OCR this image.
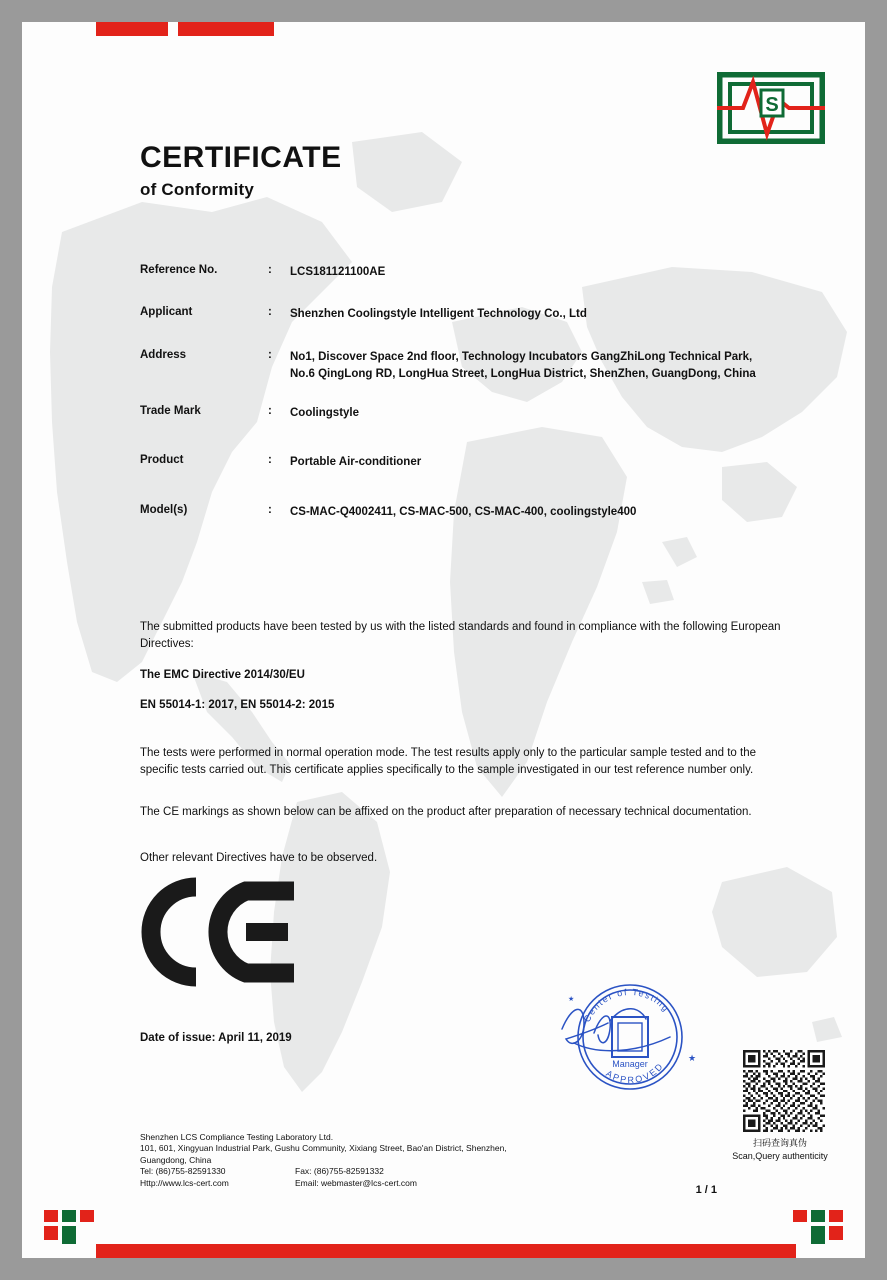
S
CERTIFICATE
of Conformity
Reference No.	:	LCS181121100AE
Applicant	:	Shenzhen Coolingstyle Intelligent Technology Co., Ltd
Address	:	No1, Discover Space 2nd floor, Technology Incubators GangZhiLong Technical Park, No.6 QingLong RD, LongHua Street, LongHua District, ShenZhen, GuangDong, China
Trade Mark	:	Coolingstyle
Product	:	Portable Air-conditioner
Model(s)	:	CS-MAC-Q4002411, CS-MAC-500, CS-MAC-400, coolingstyle400
The submitted products have been tested by us with the listed standards and found in compliance with the following European Directives:
The EMC Directive 2014/30/EU
EN 55014-1: 2017, EN 55014-2: 2015
The tests were performed in normal operation mode. The test results apply only to the particular sample tested and to the specific tests carried out. This certificate applies specifically to the sample investigated in our test reference number only.
The CE markings as shown below can be affixed on the product after preparation of necessary technical documentation.
Other relevant Directives have to be observed.
Date of issue: April 11, 2019
Center of Testing
APPROVED
Manager
★
★
扫码查询真伪
Scan,Query authenticity
Shenzhen LCS Compliance Testing Laboratory Ltd.
101, 601, Xingyuan Industrial Park, Gushu Community, Xixiang Street, Bao'an District, Shenzhen,
Guangdong, China
Tel: (86)755-82591330	Fax: (86)755-82591332
Http://www.lcs-cert.com	Email: webmaster@lcs-cert.com
1 / 1
